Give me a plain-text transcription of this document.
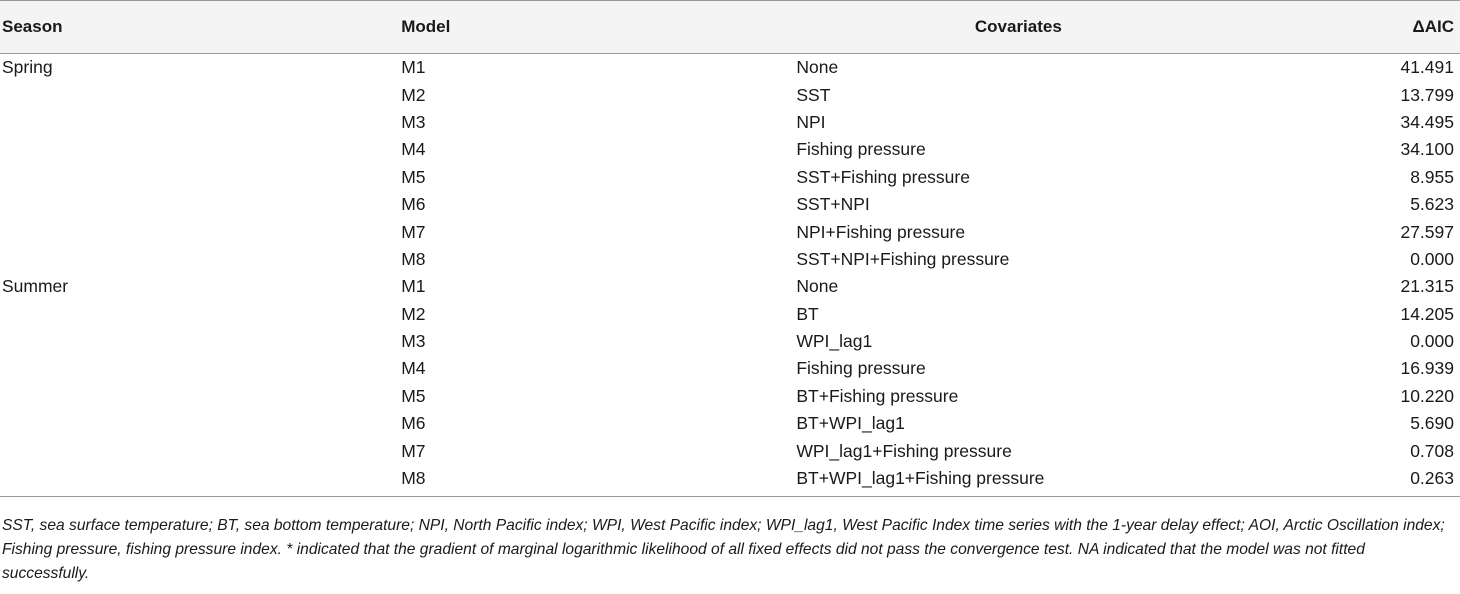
Season	Model	Covariates	ΔAIC
Spring	M1	None	41.491
	M2	SST	13.799
	M3	NPI	34.495
	M4	Fishing pressure	34.100
	M5	SST+Fishing pressure	8.955
	M6	SST+NPI	5.623
	M7	NPI+Fishing pressure	27.597
	M8	SST+NPI+Fishing pressure	0.000
Summer	M1	None	21.315
	M2	BT	14.205
	M3	WPI_lag1	0.000
	M4	Fishing pressure	16.939
	M5	BT+Fishing pressure	10.220
	M6	BT+WPI_lag1	5.690
	M7	WPI_lag1+Fishing pressure	0.708
	M8	BT+WPI_lag1+Fishing pressure	0.263
SST, sea surface temperature; BT, sea bottom temperature; NPI, North Pacific index; WPI, West Pacific index; WPI_lag1, West Pacific Index time series with the 1-year delay effect; AOI, Arctic Oscillation index; Fishing pressure, fishing pressure index. * indicated that the gradient of marginal logarithmic likelihood of all fixed effects did not pass the convergence test. NA indicated that the model was not fitted successfully.
